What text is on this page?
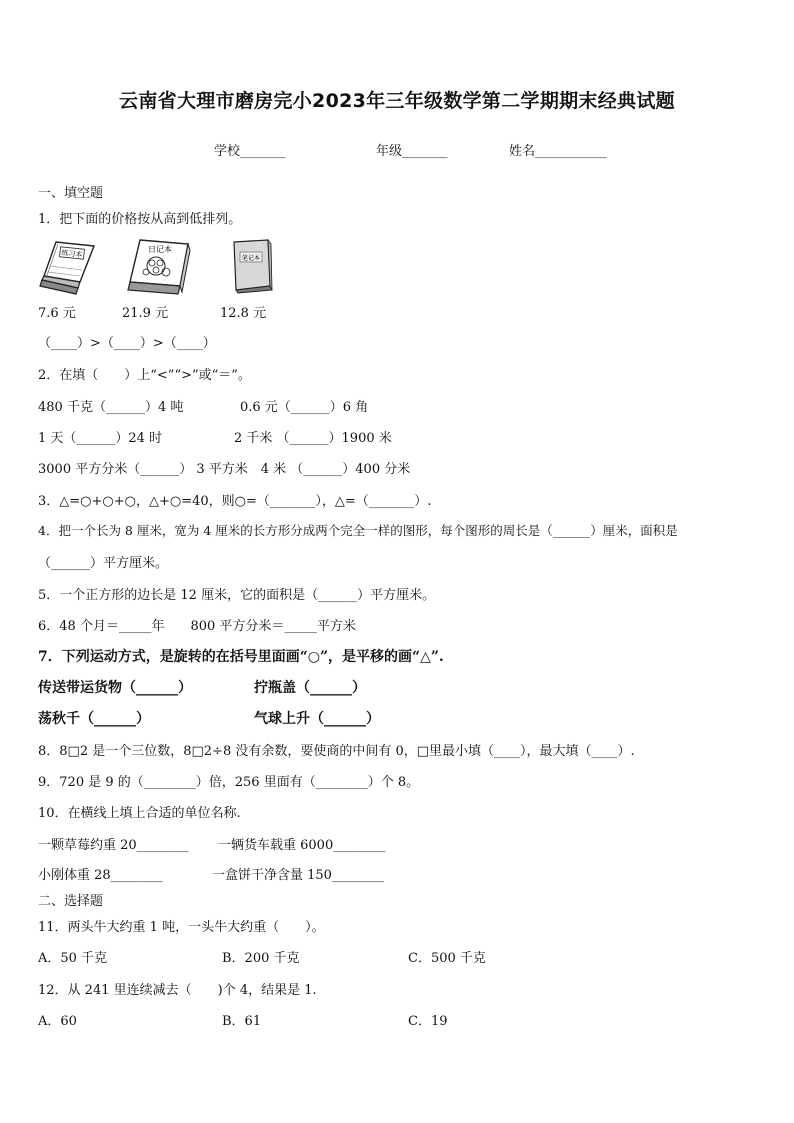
云南省大理市磨房完小2023年三年级数学第二学期期末经典试题
学校_______	年级_______	姓名___________
一、填空题
1．把下面的价格按从高到低排列。
练习本	日记本
笔记本
7.6 元	21.9 元	12.8 元
（____）>（____）>（____）
2．在填（　　）上“<”“>”或“＝”。
480 千克（______）4 吨	0.6 元（______）6 角
1 天（______）24 时	2 千米 （______）1900 米
3000 平方分米（______） 3 平方米　4 米 （______）400 分米
3．△=○+○+○，△+○=40，则○=（_______），△=（_______）.
4．把一个长为 8 厘米，宽为 4 厘米的长方形分成两个完全一样的图形，每个图形的周长是（______）厘米，面积是
（______）平方厘米。
5．一个正方形的边长是 12 厘米，它的面积是（______）平方厘米。
6．48 个月＝_____年　　800 平方分米＝_____平方米
7．下列运动方式，是旋转的在括号里面画“○”，是平移的画“△”.
传送带运货物（______）	拧瓶盖（______）
荡秋千（______）	气球上升（______）
8．8□2 是一个三位数，8□2÷8 没有余数，要使商的中间有 0，□里最小填（____），最大填（____）.
9．720 是 9 的（________）倍，256 里面有（________）个 8。
10．在横线上填上合适的单位名称.
一颗草莓约重 20________ 一辆货车载重 6000________
小刚体重 28________	一盒饼干净含量 150________
二、选择题
11．两头牛大约重 1 吨，一头牛大约重（　　）。
A．50 千克	B．200 千克	C．500 千克
12．从 241 里连续减去（　　)个 4，结果是 1.
A．60	B．61	C．19
